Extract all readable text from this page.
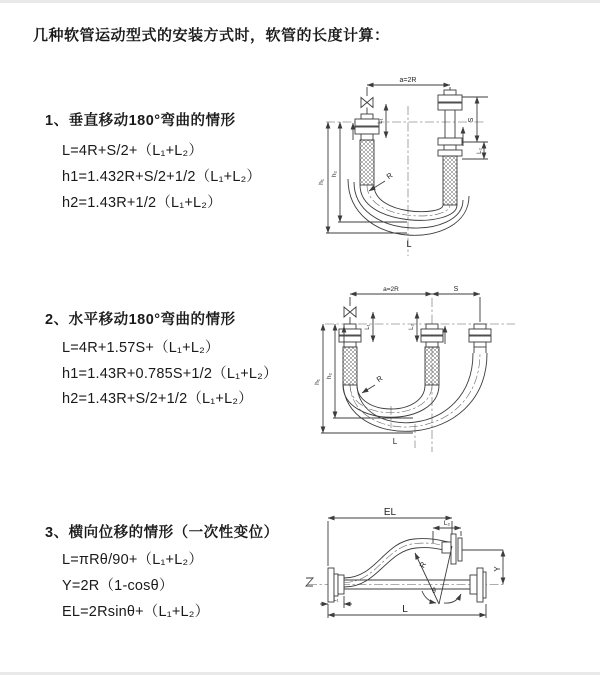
几种软管运动型式的安装方式时，软管的长度计算：
1、垂直移动180°弯曲的情形
L=4R+S/2+（L₁+L₂）
h1=1.432R+S/2+1/2（L₁+L₂）
h2=1.43R+1/2（L₁+L₂）
2、水平移动180°弯曲的情形
L=4R+1.57S+（L₁+L₂）
h1=1.43R+0.785S+1/2（L₁+L₂）
h2=1.43R+S/2+1/2（L₁+L₂）
3、横向位移的情形（一次性变位）
L=πRθ/90+（L₁+L₂）
Y=2R（1-cosθ）
EL=2Rsinθ+（L₁+L₂）
a=2R
h₁
h₂
L₁	S
L₂
R
L
a=2R	S
h₁
h₂
L₁	L₂
R
L
EL
L₂
Y
R
θ
L₁
L
